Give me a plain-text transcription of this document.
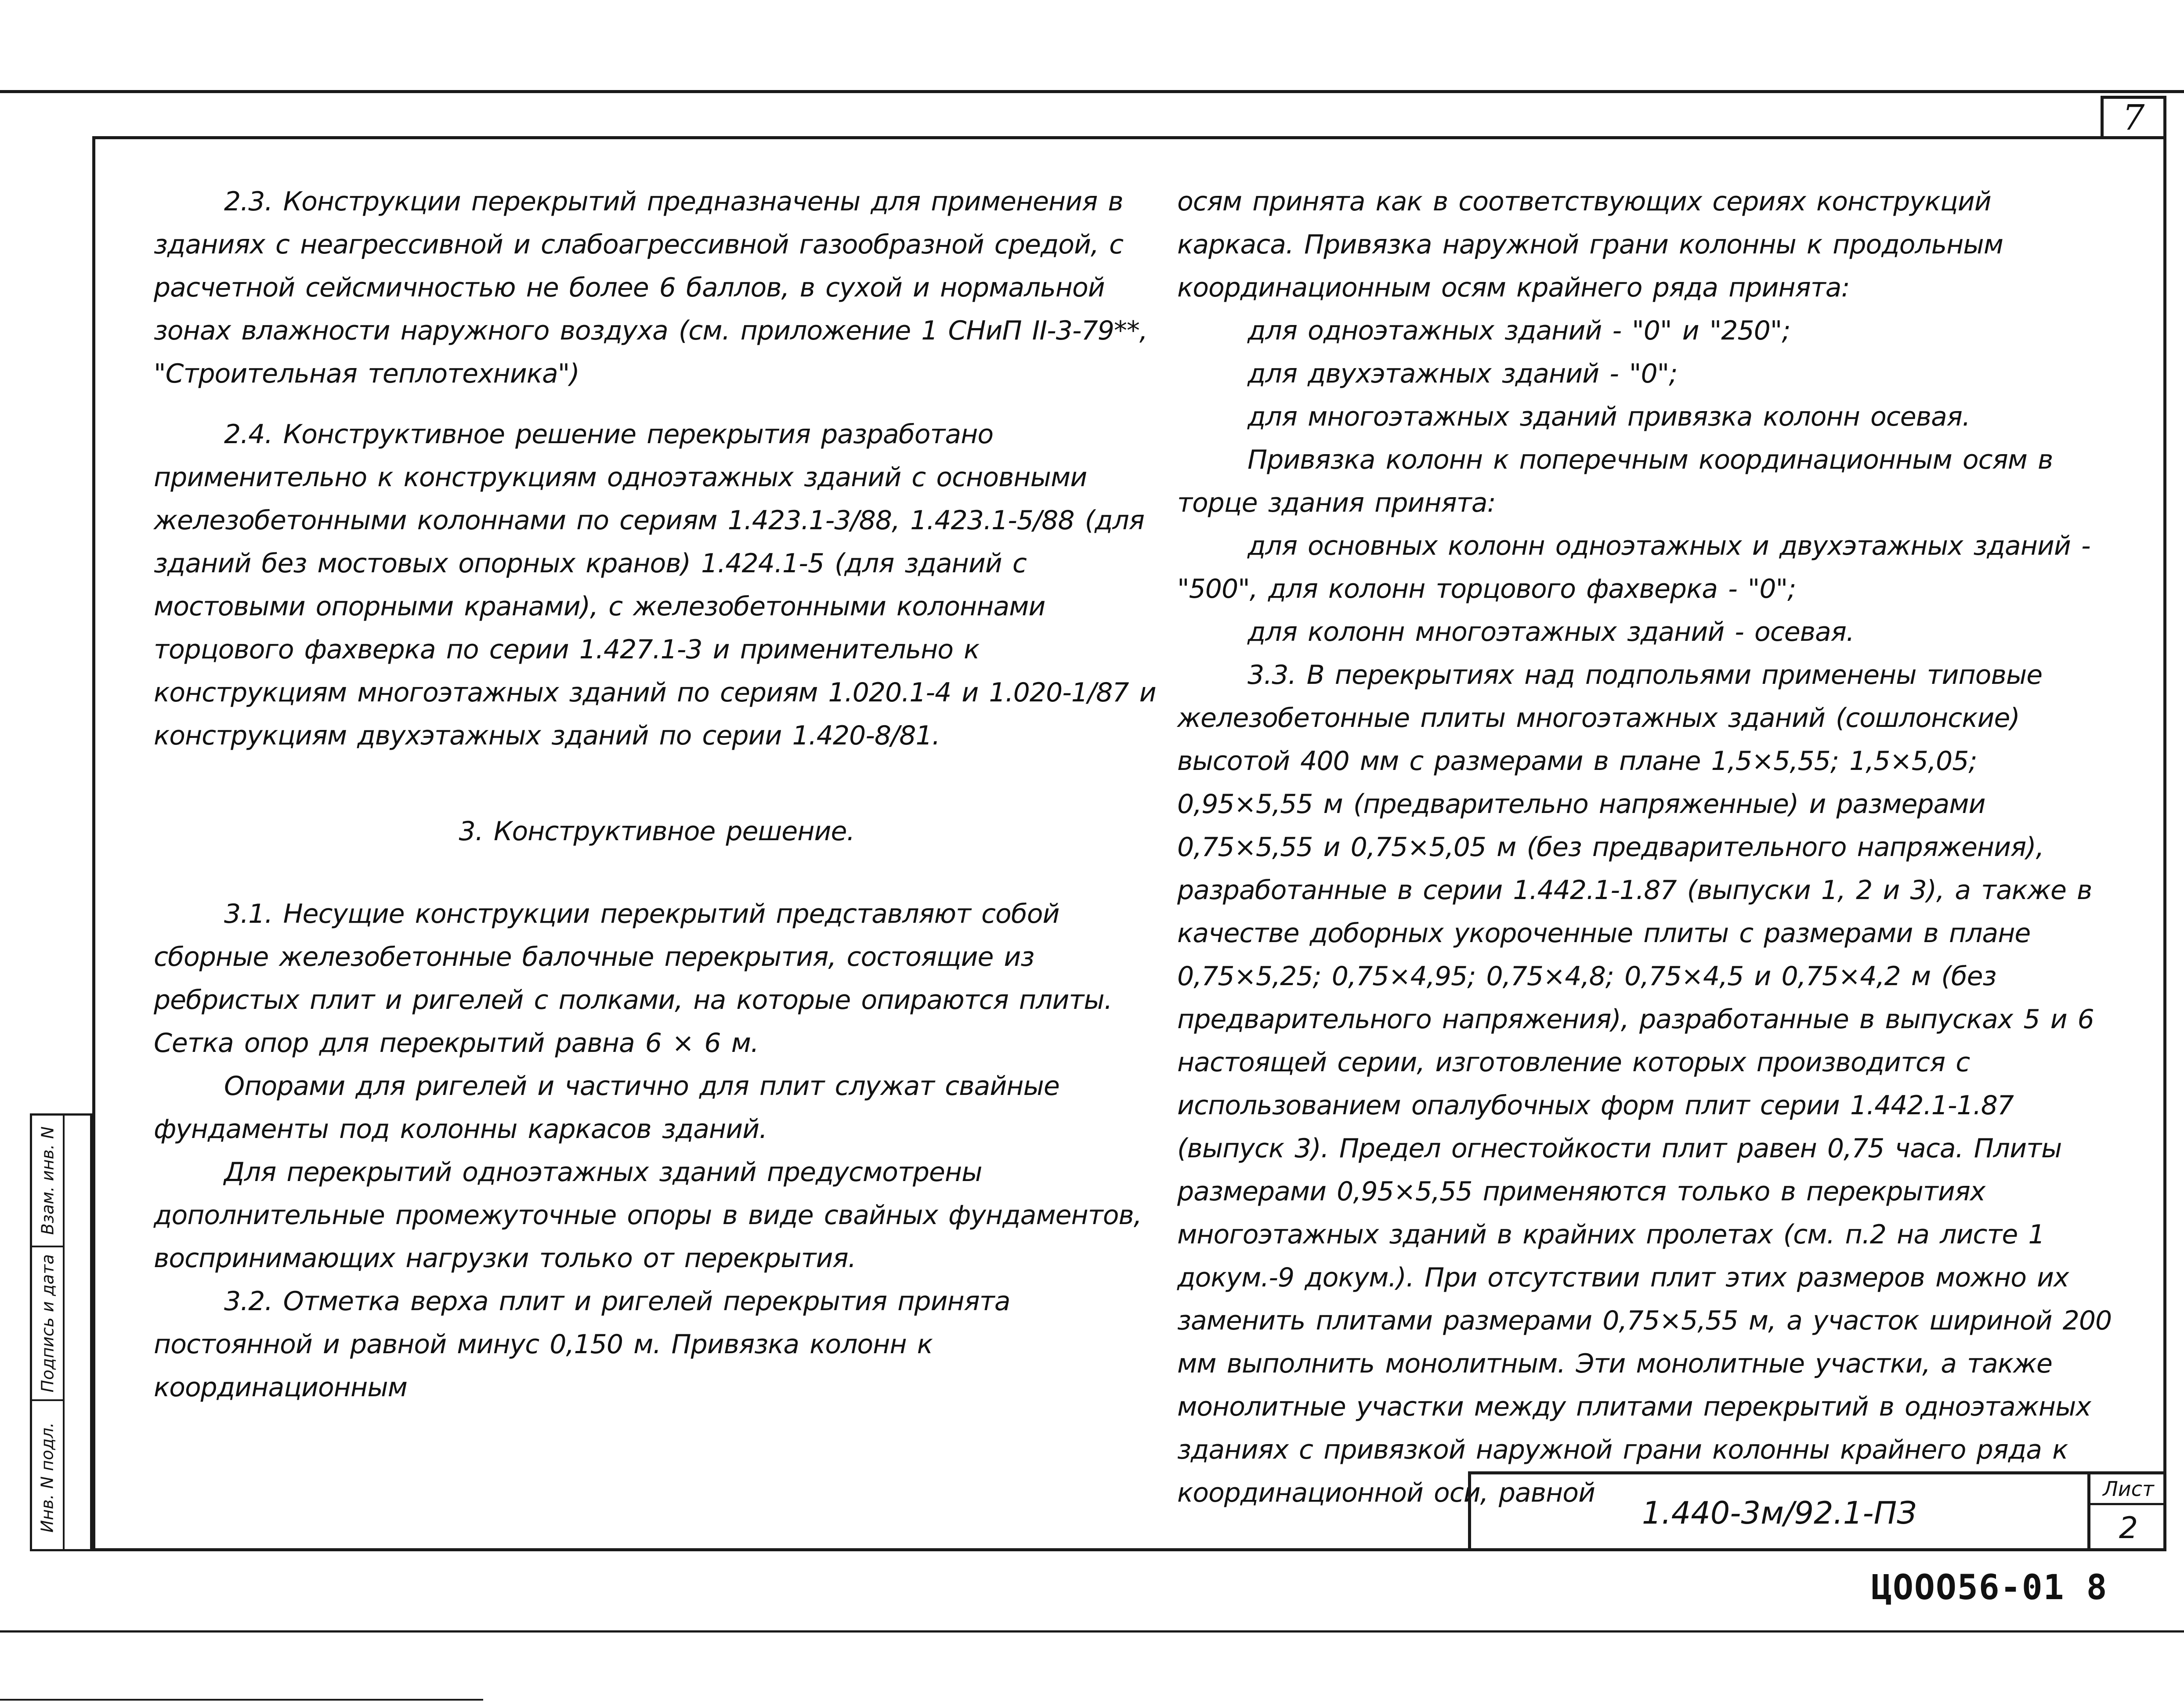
7
Инв. N подл.
Подпись и дата
Взам. инв. N

2.3. Конструкции перекрытий предназначены для применения в зданиях с неагрессивной и слабоагрессивной газообразной средой, с расчетной сейсмичностью не более 6 баллов, в сухой и нормальной зонах влажности наружного воздуха (см. приложение 1 СНиП II-3-79**, "Строительная теплотехника")

2.4. Конструктивное решение перекрытия разработано применительно к конструкциям одноэтажных зданий с основными железобетонными колоннами по сериям 1.423.1-3/88, 1.423.1-5/88 (для зданий без мостовых опорных кранов) 1.424.1-5 (для зданий с мостовыми опорными кранами), с железобетонными колоннами торцового фахверка по серии 1.427.1-3 и применительно к конструкциям многоэтажных зданий по сериям 1.020.1-4 и 1.020-1/87 и конструкциям двухэтажных зданий по серии 1.420-8/81.

3. Конструктивное решение.

3.1. Несущие конструкции перекрытий представляют собой сборные железобетонные балочные перекрытия, состоящие из ребристых плит и ригелей с полками, на которые опираются плиты. Сетка опор для перекрытий равна 6 × 6 м.

Опорами для ригелей и частично для плит служат свайные фундаменты под колонны каркасов зданий.

Для перекрытий одноэтажных зданий предусмотрены дополнительные промежуточные опоры в виде свайных фундаментов, воспринимающих нагрузки только от перекрытия.

3.2. Отметка верха плит и ригелей перекрытия принята постоянной и равной минус 0,150 м. Привязка колонн к координационным

осям принята как в соответствующих сериях конструкций каркаса. Привязка наружной грани колонны к продольным координационным осям крайнего ряда принята:

для одноэтажных зданий - "0" и "250";

для двухэтажных зданий - "0";

для многоэтажных зданий привязка колонн осевая.

Привязка колонн к поперечным координационным осям в торце здания принята:

для основных колонн одноэтажных и двухэтажных зданий - "500", для колонн торцового фахверка - "0";

для колонн многоэтажных зданий - осевая.

3.3. В перекрытиях над подпольями применены типовые железобетонные плиты многоэтажных зданий (сошлонские) высотой 400 мм с размерами в плане 1,5×5,55; 1,5×5,05; 0,95×5,55 м (предварительно напряженные) и размерами 0,75×5,55 и 0,75×5,05 м (без предварительного напряжения), разработанные в серии 1.442.1-1.87 (выпуски 1, 2 и 3), а также в качестве доборных укороченные плиты с размерами в плане 0,75×5,25; 0,75×4,95; 0,75×4,8; 0,75×4,5 и 0,75×4,2 м (без предварительного напряжения), разработанные в выпусках 5 и 6 настоящей серии, изготовление которых производится с использованием опалубочных форм плит серии 1.442.1-1.87 (выпуск 3). Предел огнестойкости плит равен 0,75 часа. Плиты размерами 0,95×5,55 применяются только в перекрытиях многоэтажных зданий в крайних пролетах (см. п.2 на листе 1 докум.-9 докум.). При отсутствии плит этих размеров можно их заменить плитами размерами 0,75×5,55 м, а участок шириной 200 мм выполнить монолитным. Эти монолитные участки, а также монолитные участки между плитами перекрытий в одноэтажных зданиях с привязкой наружной грани колонны крайнего ряда к координационной оси, равной

1.440-3м/92.1-ПЗ
Лист
2
ЦООО56-01 8
